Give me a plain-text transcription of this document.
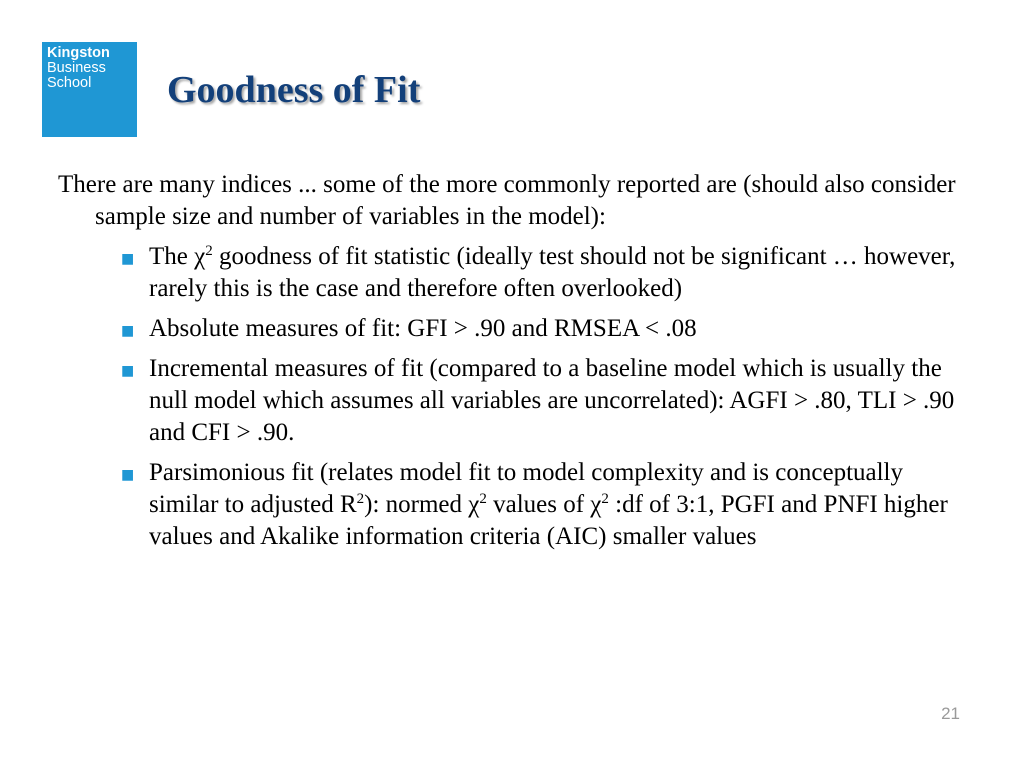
Kingston
Business
School	Goodness of Fit

There are many indices ... some of the more commonly reported are (should also consider sample size and number of variables in the model):

■ The $\chi^2$ goodness of fit statistic (ideally test should not be significant … however, rarely this is the case and therefore often overlooked)
■ Absolute measures of fit: GFI > .90 and RMSEA < .08
■ Incremental measures of fit (compared to a baseline model which is usually the null model which assumes all variables are uncorrelated): AGFI > .80, TLI > .90 and CFI > .90.
■ Parsimonious fit (relates model fit to model complexity and is conceptually similar to adjusted $R^2$): normed $\chi^2$ values of $\chi^2$ :df of 3:1, PGFI and PNFI higher values and Akalike information criteria (AIC) smaller values
21
